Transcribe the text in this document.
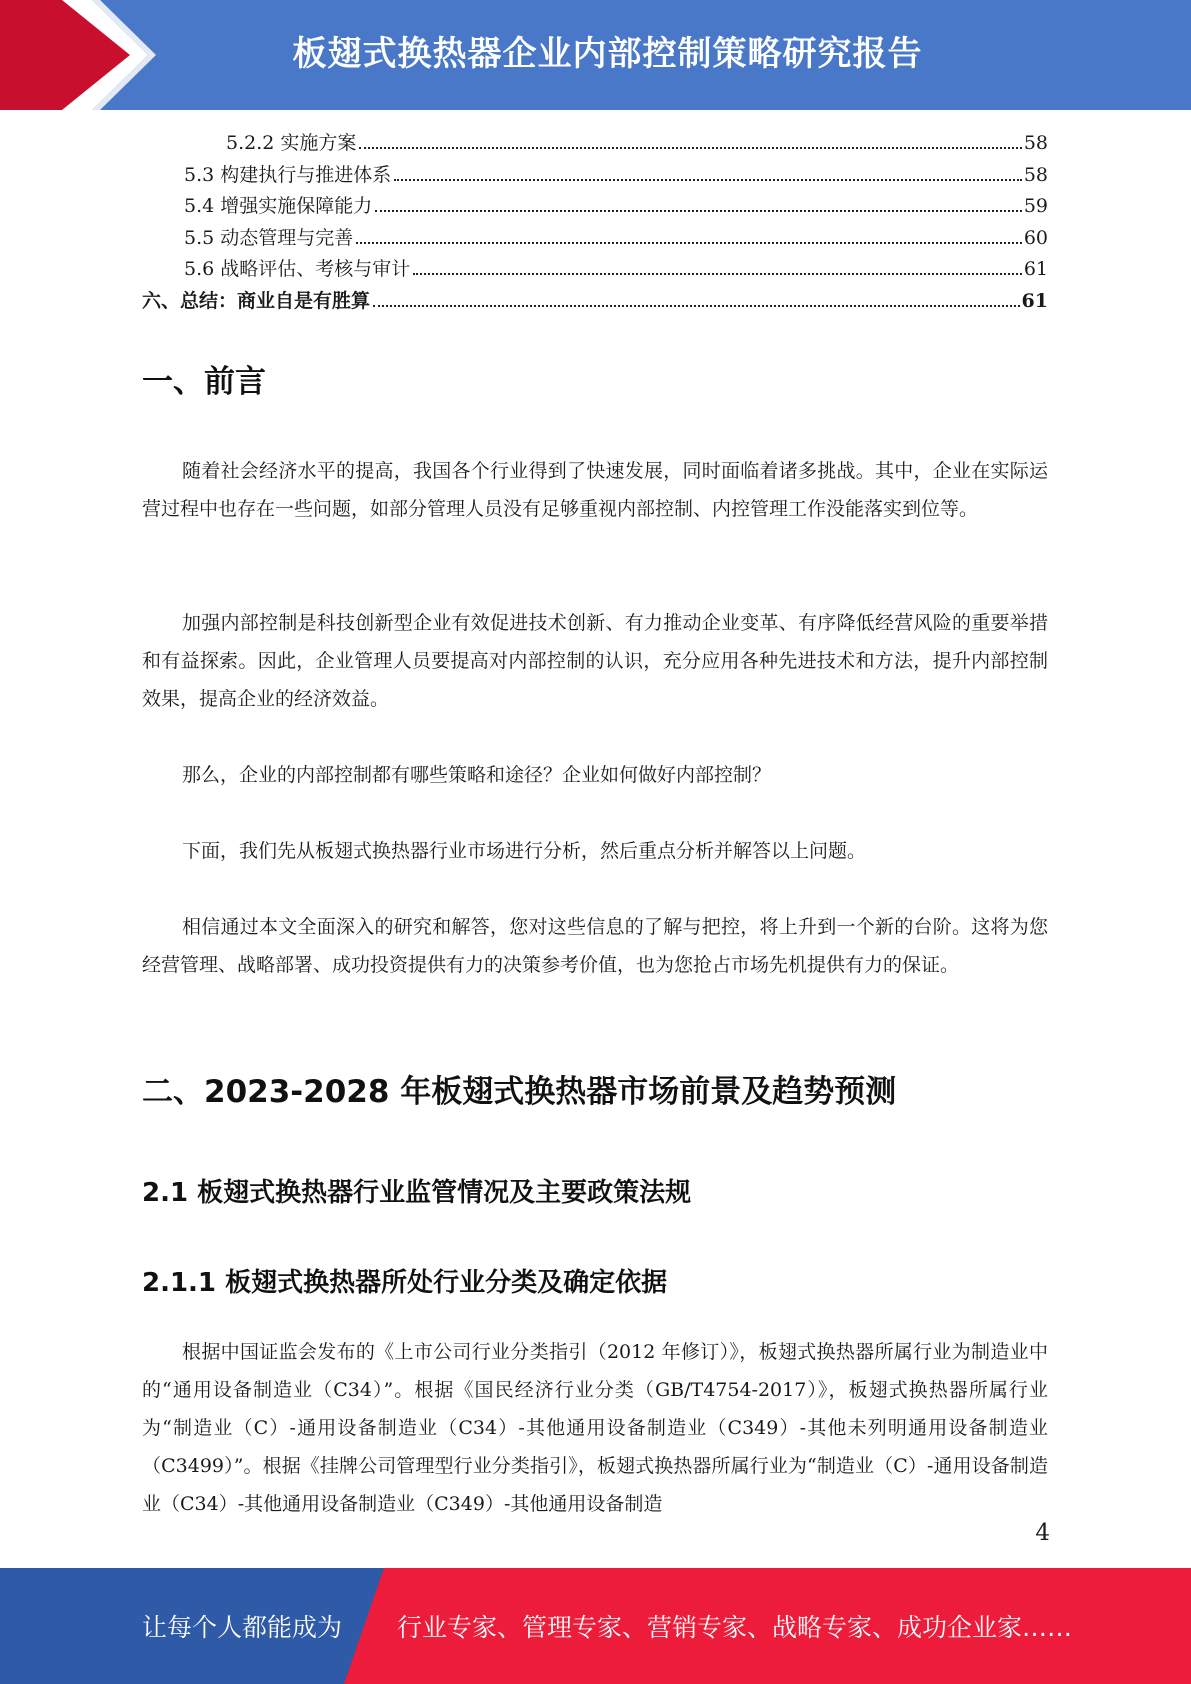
板翅式换热器企业内部控制策略研究报告
5.2.2 实施方案	58
5.3 构建执行与推进体系	58
5.4 增强实施保障能力	59
5.5 动态管理与完善	60
5.6 战略评估、考核与审计	61
六、总结：商业自是有胜算	61
一、前言

随着社会经济水平的提高，我国各个行业得到了快速发展，同时面临着诸多挑战。其中，企业在实际运营过程中也存在一些问题，如部分管理人员没有足够重视内部控制、内控管理工作没能落实到位等。

加强内部控制是科技创新型企业有效促进技术创新、有力推动企业变革、有序降低经营风险的重要举措和有益探索。因此，企业管理人员要提高对内部控制的认识，充分应用各种先进技术和方法，提升内部控制效果，提高企业的经济效益。

那么，企业的内部控制都有哪些策略和途径？企业如何做好内部控制？

下面，我们先从板翅式换热器行业市场进行分析，然后重点分析并解答以上问题。

相信通过本文全面深入的研究和解答，您对这些信息的了解与把控，将上升到一个新的台阶。这将为您经营管理、战略部署、成功投资提供有力的决策参考价值，也为您抢占市场先机提供有力的保证。

二、2023-2028 年板翅式换热器市场前景及趋势预测
2.1 板翅式换热器行业监管情况及主要政策法规
2.1.1 板翅式换热器所处行业分类及确定依据

根据中国证监会发布的《上市公司行业分类指引（2012 年修订）》，板翅式换热器所属行业为制造业中的“通用设备制造业（C34）”。根据《国民经济行业分类（GB/T4754-2017）》，板翅式换热器所属行业为“制造业（C）-通用设备制造业（C34）-其他通用设备制造业（C349）-其他未列明通用设备制造业（C3499）”。根据《挂牌公司管理型行业分类指引》，板翅式换热器所属行业为“制造业（C）-通用设备制造业（C34）-其他通用设备制造业（C349）-其他通用设备制造

4
让每个人都能成为 行业专家、管理专家、营销专家、战略专家、成功企业家……
